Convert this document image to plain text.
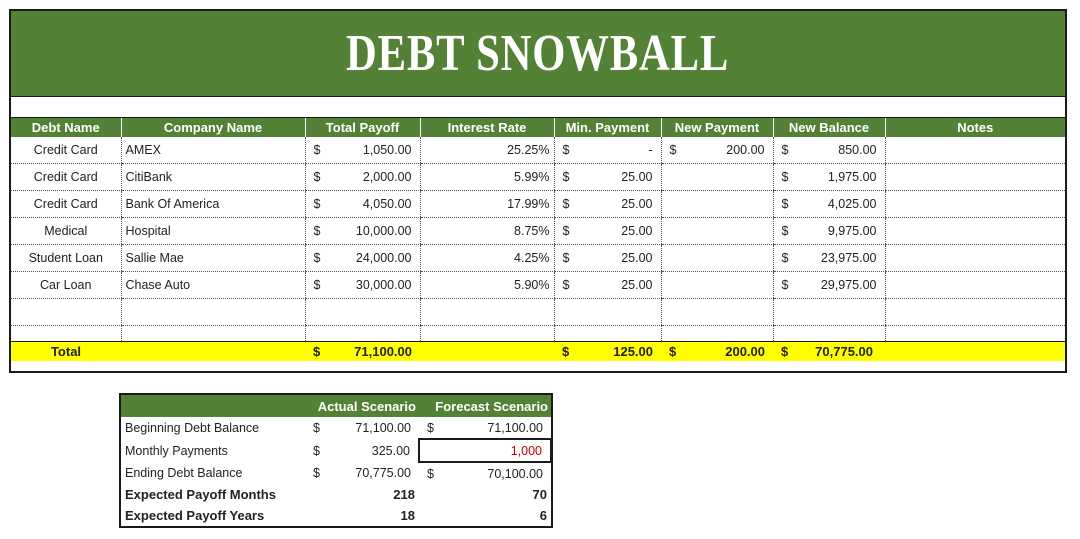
DEBT SNOWBALL
Debt Name	Company Name	Total Payoff	Interest Rate	Min. Payment	New Payment	New Balance	Notes
Credit Card	AMEX	$ 1,050.00	25.25%	$ -	$ 200.00	$ 850.00	

Credit Card	CitiBank	$ 2,000.00	5.99%	$ 25.00		$ 1,975.00	

Credit Card	Bank Of America	$ 4,050.00	17.99%	$ 25.00		$ 4,025.00	

Medical	Hospital	$ 10,000.00	8.75%	$ 25.00		$ 9,975.00	

Student Loan	Sallie Mae	$ 24,000.00	4.25%	$ 25.00		$ 23,975.00	

Car Loan	Chase Auto	$ 30,000.00	5.90%	$ 25.00		$ 29,975.00	

Total		$ 71,100.00		$ 125.00	$ 200.00	$ 70,775.00	

	Actual Scenario	Forecast Scenario
Beginning Debt Balance	$ 71,100.00	$ 71,100.00

Monthly Payments	$ 325.00	1,000

Ending Debt Balance	$ 70,775.00	$ 70,100.00

Expected Payoff Months	218	70
Expected Payoff Years	18	6
